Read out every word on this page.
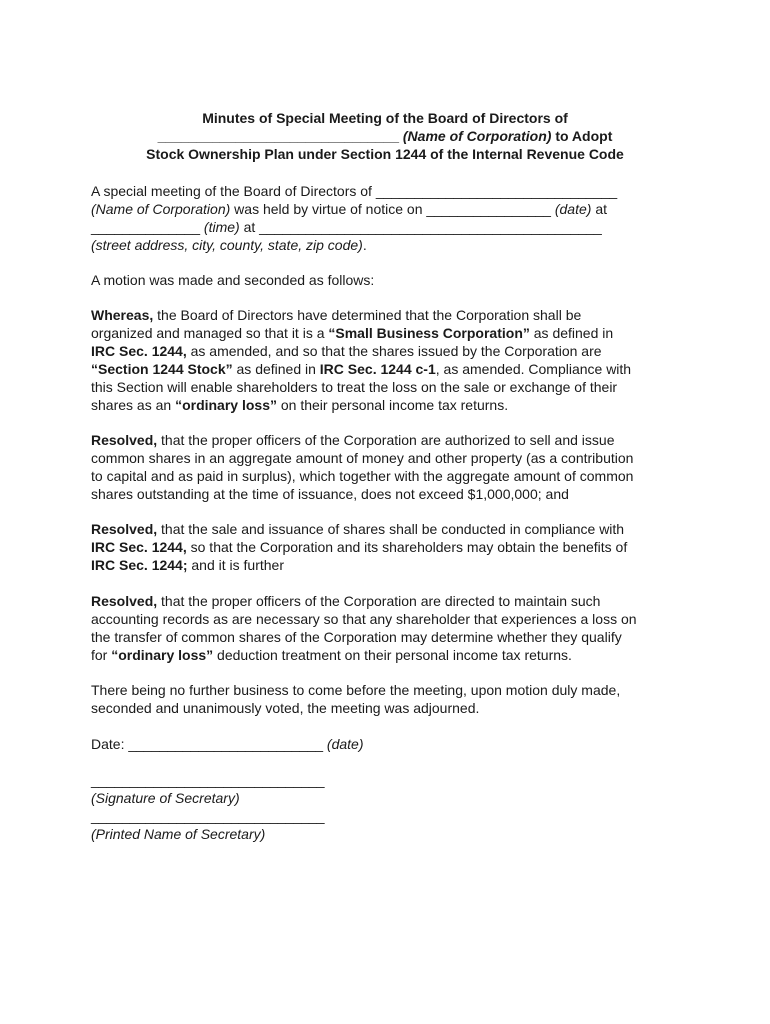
Minutes of Special Meeting of the Board of Directors of
_______________________________ (Name of Corporation) to Adopt
Stock Ownership Plan under Section 1244 of the Internal Revenue Code
A special meeting of the Board of Directors of _______________________________
(Name of Corporation) was held by virtue of notice on ________________ (date) at
______________ (time) at ____________________________________________
(street address, city, county, state, zip code).
A motion was made and seconded as follows:
Whereas, the Board of Directors have determined that the Corporation shall be
organized and managed so that it is a “Small Business Corporation” as defined in
IRC Sec. 1244, as amended, and so that the shares issued by the Corporation are
“Section 1244 Stock” as defined in IRC Sec. 1244 c-1, as amended. Compliance with
this Section will enable shareholders to treat the loss on the sale or exchange of their
shares as an “ordinary loss” on their personal income tax returns.
Resolved, that the proper officers of the Corporation are authorized to sell and issue
common shares in an aggregate amount of money and other property (as a contribution
to capital and as paid in surplus), which together with the aggregate amount of common
shares outstanding at the time of issuance, does not exceed $1,000,000; and
Resolved, that the sale and issuance of shares shall be conducted in compliance with
IRC Sec. 1244, so that the Corporation and its shareholders may obtain the benefits of
IRC Sec. 1244; and it is further
Resolved, that the proper officers of the Corporation are directed to maintain such
accounting records as are necessary so that any shareholder that experiences a loss on
the transfer of common shares of the Corporation may determine whether they qualify
for “ordinary loss” deduction treatment on their personal income tax returns.
There being no further business to come before the meeting, upon motion duly made,
seconded and unanimously voted, the meeting was adjourned.
Date: _________________________ (date)
______________________________
(Signature of Secretary)
______________________________
(Printed Name of Secretary)
